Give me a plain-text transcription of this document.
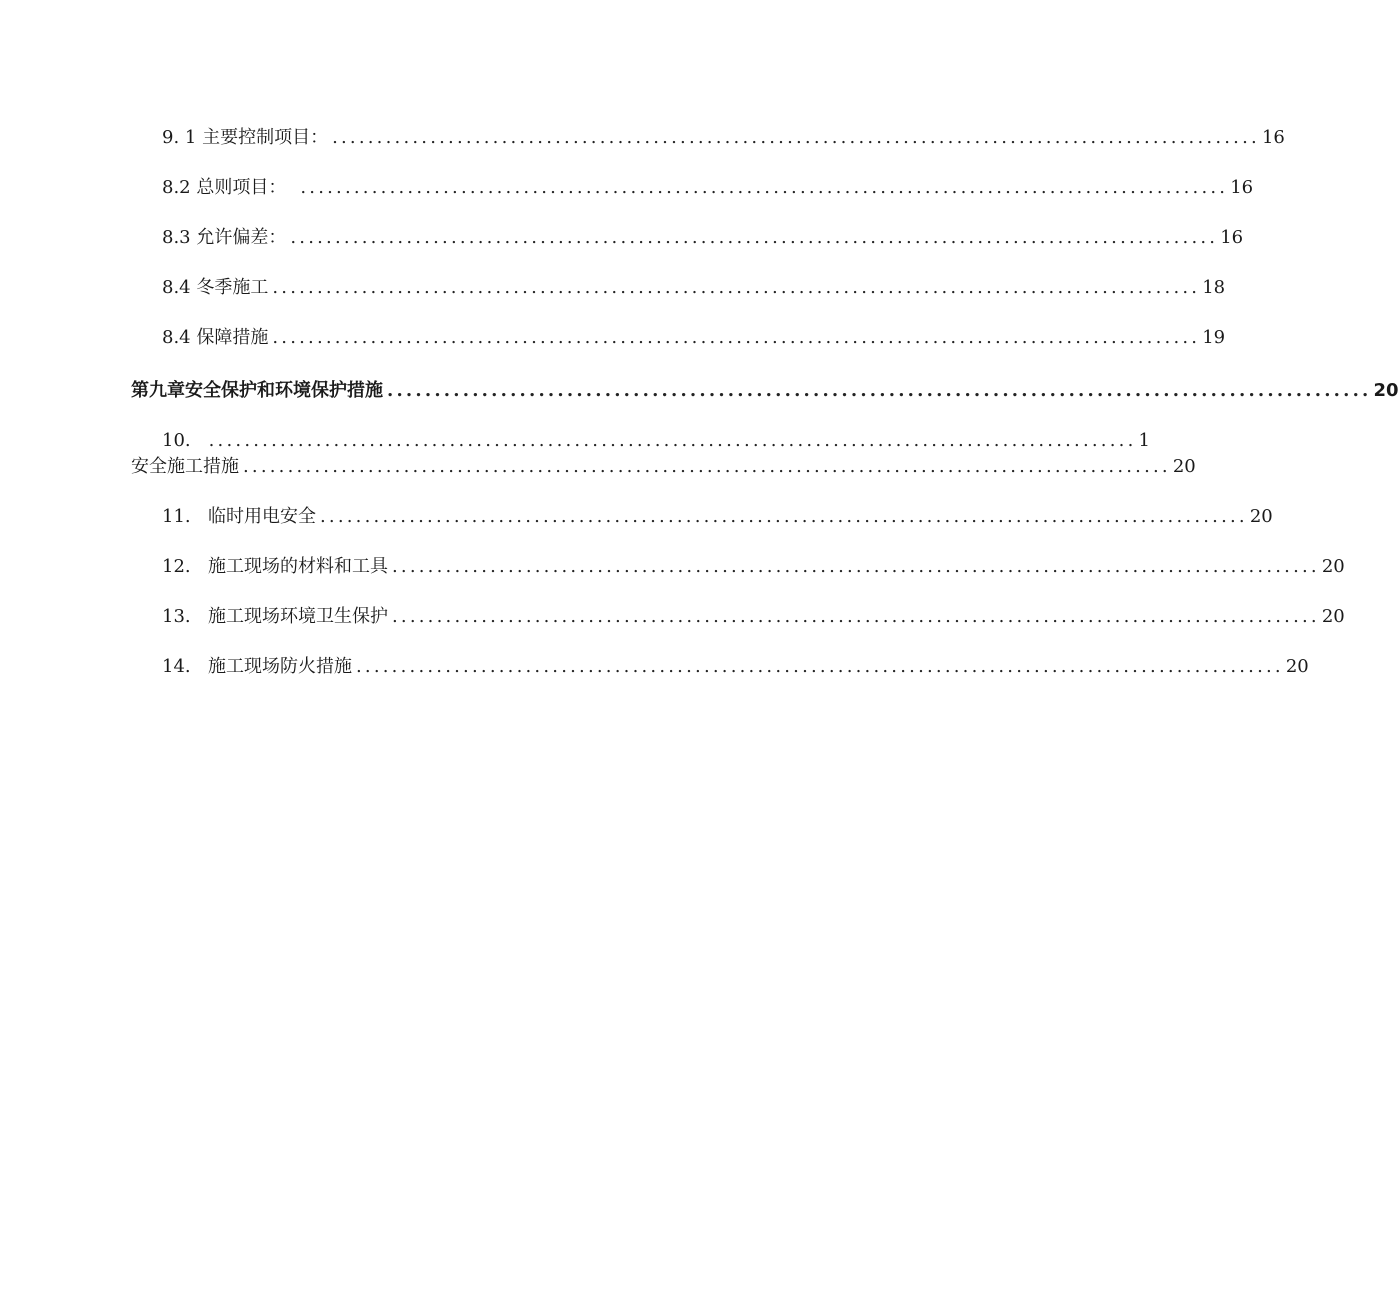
9. 1 主要控制项目： ........................................................................................................ 16
8.2 总则项目： ........................................................................................................ 16
8.3 允许偏差： ........................................................................................................ 16
8.4 冬季施工 ........................................................................................................ 18
8.4 保障措施 ........................................................................................................ 19
第九章安全保护和环境保护措施 ........................................................................................................ 20
10. ........................................................................................................ 1
安全施工措施 ........................................................................................................ 20
11. 临时用电安全 ........................................................................................................ 20
12. 施工现场的材料和工具 ........................................................................................................ 20
13. 施工现场环境卫生保护 ........................................................................................................ 20
14. 施工现场防火措施 ........................................................................................................ 20
